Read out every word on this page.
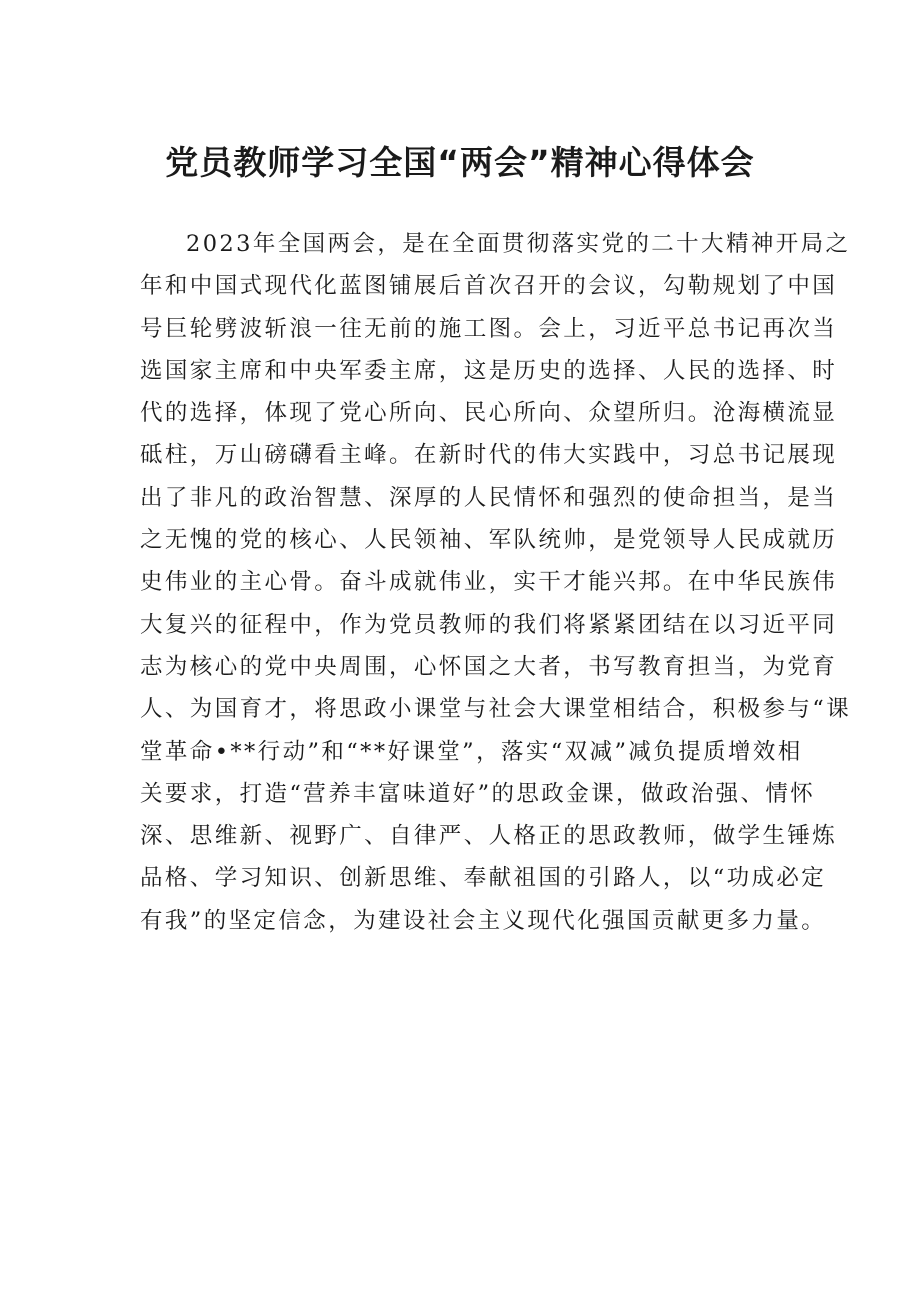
党员教师学习全国“两会”精神心得体会
2023年全国两会，是在全面贯彻落实党的二十大精神开局之
年和中国式现代化蓝图铺展后首次召开的会议，勾勒规划了中国
号巨轮劈波斩浪一往无前的施工图。会上，习近平总书记再次当
选国家主席和中央军委主席，这是历史的选择、人民的选择、时
代的选择，体现了党心所向、民心所向、众望所归。沧海横流显
砥柱，万山磅礴看主峰。在新时代的伟大实践中，习总书记展现
出了非凡的政治智慧、深厚的人民情怀和强烈的使命担当，是当
之无愧的党的核心、人民领袖、军队统帅，是党领导人民成就历
史伟业的主心骨。奋斗成就伟业，实干才能兴邦。在中华民族伟
大复兴的征程中，作为党员教师的我们将紧紧团结在以习近平同
志为核心的党中央周围，心怀国之大者，书写教育担当，为党育
人、为国育才，将思政小课堂与社会大课堂相结合，积极参与“课
堂革命•**行动”和“**好课堂”，落实“双减”减负提质增效相
关要求，打造“营养丰富味道好”的思政金课，做政治强、情怀
深、思维新、视野广、自律严、人格正的思政教师，做学生锤炼
品格、学习知识、创新思维、奉献祖国的引路人，以“功成必定
有我”的坚定信念，为建设社会主义现代化强国贡献更多力量。
